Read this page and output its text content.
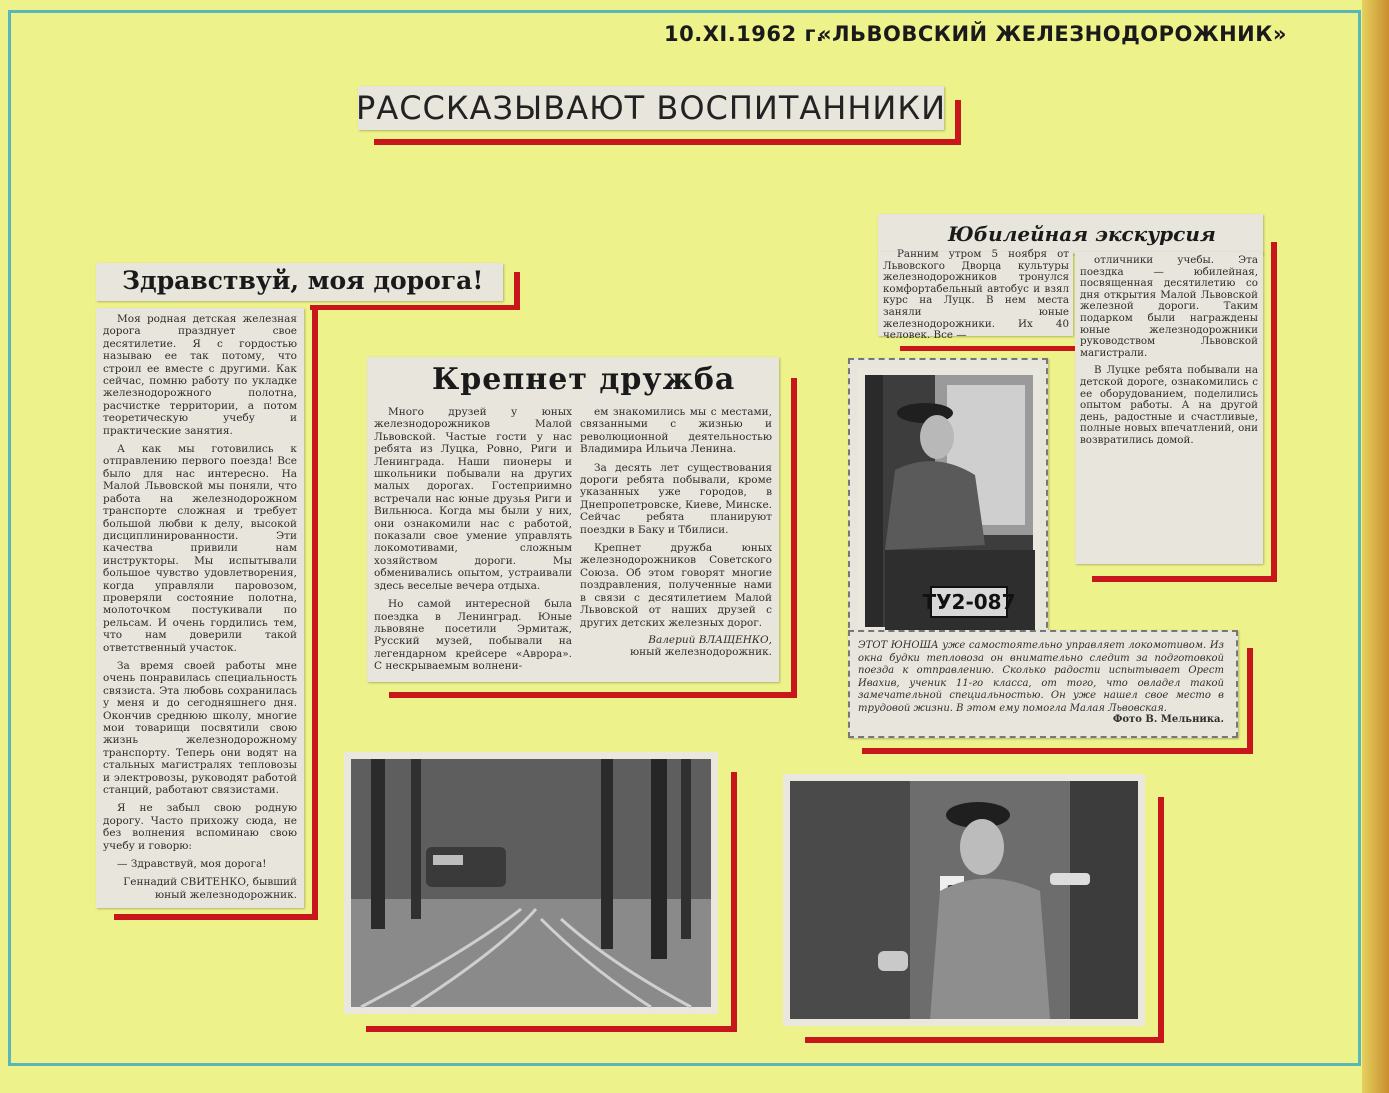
10.XI.1962 г.
«ЛЬВОВСКИЙ ЖЕЛЕЗНОДОРОЖНИК»
РАССКАЗЫВАЮТ ВОСПИТАННИКИ
Здравствуй, моя дорога!

Моя родная детская железная дорога празднует свое десятилетие. Я с гордостью называю ее так потому, что строил ее вместе с другими. Как сейчас, помню работу по укладке железнодорожного полотна, расчистке территории, а потом теоретическую учебу и практические занятия.

А как мы готовились к отправлению первого поезда! Все было для нас интересно. На Малой Львовской мы поняли, что работа на железнодорожном транспорте сложная и требует большой любви к делу, высокой дисциплинированности. Эти качества привили нам инструкторы. Мы испытывали большое чувство удовлетворения, когда управляли паровозом, проверяли состояние полотна, молоточком постукивали по рельсам. И очень гордились тем, что нам доверили такой ответственный участок.

За время своей работы мне очень понравилась специальность связиста. Эта любовь сохранилась у меня и до сегодняшнего дня. Окончив среднюю школу, многие мои товарищи посвятили свою жизнь железнодорожному транспорту. Теперь они водят на стальных магистралях тепловозы и электровозы, руководят работой станций, работают связистами.

Я не забыл свою родную дорогу. Часто прихожу сюда, не без волнения вспоминаю свою учебу и говорю:

— Здравствуй, моя дорога!

Геннадий СВИТЕНКО, бывший юный железнодорожник.
Крепнет дружба

Много друзей у юных железнодорожников Малой Львовской. Частые гости у нас ребята из Луцка, Ровно, Риги и Ленинграда. Наши пионеры и школьники побывали на других малых дорогах. Гостеприимно встречали нас юные друзья Риги и Вильнюса. Когда мы были у них, они ознакомили нас с работой, показали свое умение управлять локомотивами, сложным хозяйством дороги. Мы обменивались опытом, устраивали здесь веселые вечера отдыха.

Но самой интересной была поездка в Ленинград. Юные львовяне посетили Эрмитаж, Русский музей, побывали на легендарном крейсере «Аврора». С нескрываемым волнени-

ем знакомились мы с местами, связанными с жизнью и революционной деятельностью Владимира Ильича Ленина.

За десять лет существования дороги ребята побывали, кроме указанных уже городов, в Днепропетровске, Киеве, Минске. Сейчас ребята планируют поездки в Баку и Тбилиси.

Крепнет дружба юных железнодорожников Советского Союза. Об этом говорят многие поздравления, полученные нами в связи с десятилетием Малой Львовской от наших друзей с других детских железных дорог.

Валерий ВЛАЩЕНКО,
юный железнодорожник.
Юбилейная экскурсия

Ранним утром 5 ноября от Львовского Дворца культуры железнодорожников тронулся комфортабельный автобус и взял курс на Луцк. В нем места заняли юные железнодорожники. Их 40 человек. Все —

отличники учебы. Эта поездка — юбилейная, посвященная десятилетию со дня открытия Малой Львовской железной дороги. Таким подарком были награждены юные железнодорожники руководством Львовской магистрали.

В Луцке ребята побывали на детской дороге, ознакомились с ее оборудованием, поделились опытом работы. А на другой день, радостные и счастливые, полные новых впечатлений, они возвратились домой.

ТУ2-087
ЭТОТ ЮНОША уже самостоятельно управляет локомотивом. Из окна будки тепловоза он внимательно следит за подготовкой поезда к отправлению. Сколько радости испытывает Орест Ивахив, ученик 11-го класса, от того, что овладел такой замечательной специальностью. Он уже нашел свое место в трудовой жизни. В этом ему помогла Малая Львовская.
Фото В. Мельника.
